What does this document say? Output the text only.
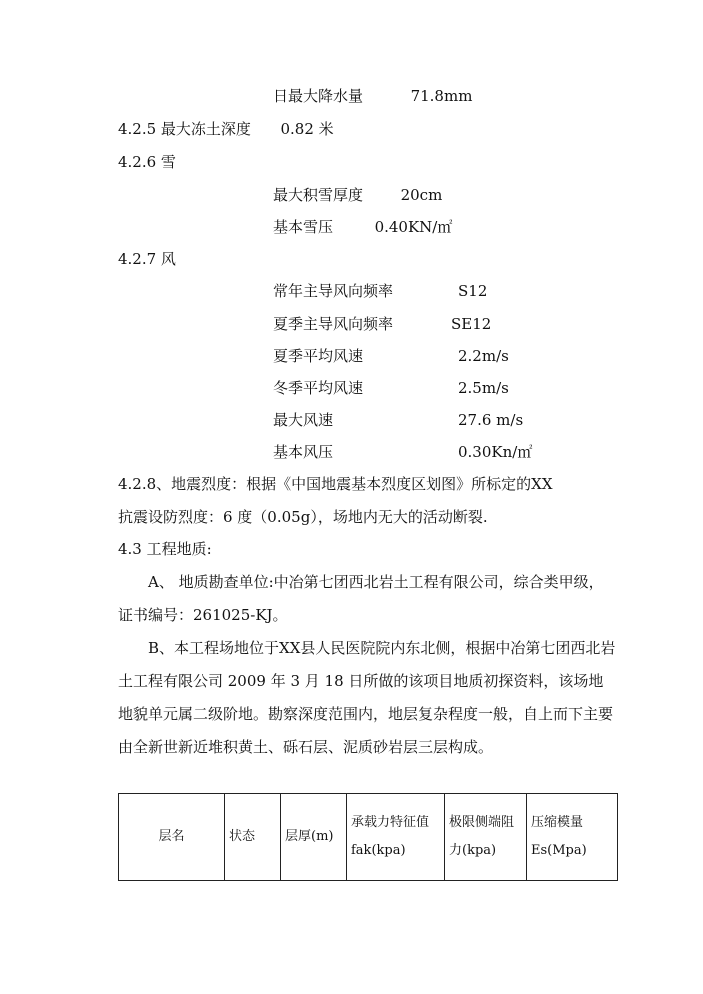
日最大降水量	71.8mm
4.2.5 最大冻土深度 0.82 米
4.2.6 雪
最大积雪厚度	20cm
基本雪压	0.40KN/㎡
4.2.7 风
常年主导风向频率	S12
夏季主导风向频率	SE12
夏季平均风速	2.2m/s
冬季平均风速	2.5m/s
最大风速	27.6 m/s
基本风压	0.30Kn/㎡
4.2.8、地震烈度：根据《中国地震基本烈度区划图》所标定的XX
抗震设防烈度：6 度（0.05g），场地内无大的活动断裂.
4.3 工程地质:

A、 地质勘查单位:中冶第七团西北岩土工程有限公司，综合类甲级，证书编号：261025-KJ。

B、本工程场地位于XX县人民医院院内东北侧，根据中冶第七团西北岩土工程有限公司 2009 年 3 月 18 日所做的该项目地质初探资料，该场地地貌单元属二级阶地。勘察深度范围内，地层复杂程度一般，自上而下主要由全新世新近堆积黄土、砾石层、泥质砂岩层三层构成。

层名	状态	层厚(m)	承载力特征值 fak(kpa)	极限侧端阻力(kpa)	压缩模量Es(Mpa)
